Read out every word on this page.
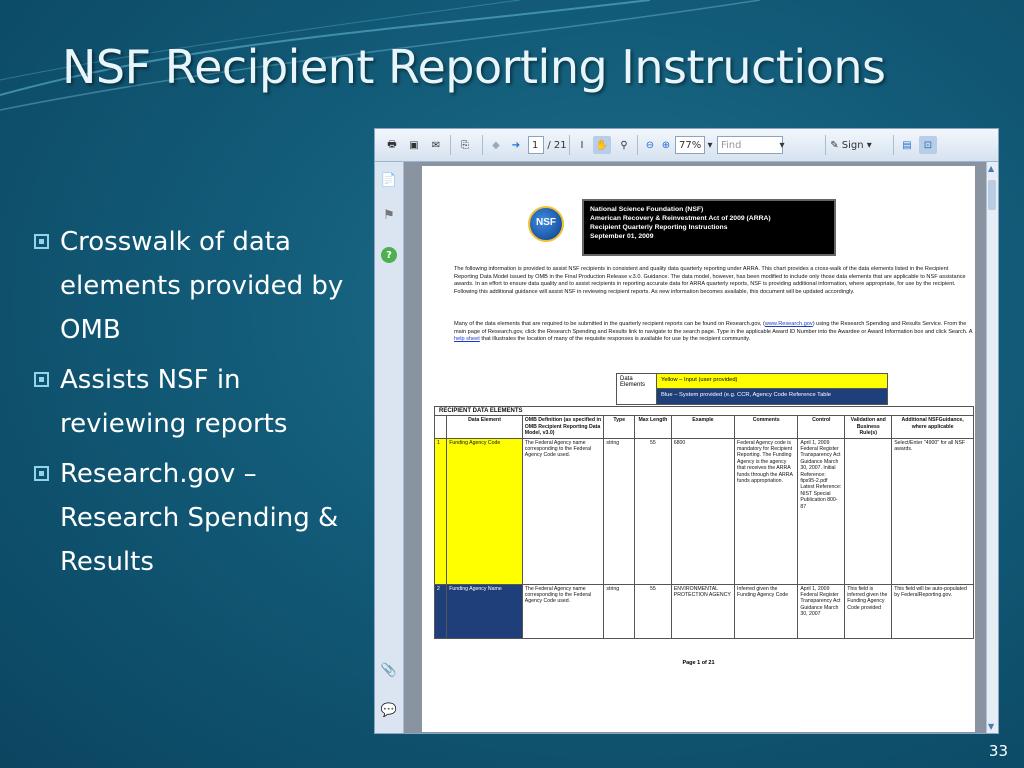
NSF Recipient Reporting Instructions
Crosswalk of data elements provided by OMB
Assists NSF in reviewing reports
Research.gov – Research Spending & Results
🖶	▣	✉	⎘	◆	➔	1 / 21	I	✋	⚲	⊖ ⊕ 77% ▾ Find	▾	✎
Sign ▾	▤	⊡
📄
⚑
?
📎
💬
NSF
National Science Foundation (NSF)
American Recovery & Reinvestment Act of 2009 (ARRA)
Recipient Quarterly Reporting Instructions
September 01, 2009
The following information is provided to assist NSF recipients in consistent and quality data quarterly reporting under ARRA. This chart provides a cross-walk of the data elements listed in the Recipient Reporting Data Model issued by OMB in the Final Production Release v.3.0. Guidance. The data model, however, has been modified to include only those data elements that are applicable to NSF assistance awards. In an effort to ensure data quality and to assist recipients in reporting accurate data for ARRA quarterly reports, NSF is providing additional information, where appropriate, for use by the recipient. Following this additional guidance will assist NSF in reviewing recipient reports. As new information becomes available, this document will be updated accordingly.
Many of the data elements that are required to be submitted in the quarterly recipient reports can be found on Research.gov, (www.Research.gov) using the Research Spending and Results Service. From the main page of Research.gov, click the Research Spending and Results link to navigate to the search page. Type in the applicable Award ID Number into the Awardee or Award Information box and click Search. A help sheet that illustrates the location of many of the requisite responses is available for use by the recipient community.
Data Elements
Yellow – Input (user provided)
Blue – System provided (e.g. CCR, Agency Code Reference Table
RECIPIENT DATA ELEMENTS									
	Data Element	OMB Definition (as specified in OMB Recipient Reporting Data Model, v3.0)	Type	Max Length	Example	Comments	Control	Validation and Business Rule(s)	Additional NSFGuidance, where applicable
1	Funding Agency Code	The Federal Agency name corresponding to the Federal Agency Code used.	string	55	6800	Federal Agency code is mandatory for Recipient Reporting. The Funding Agency is the agency that receives the ARRA funds through the ARRA funds appropriation.	April 1, 2009 Federal Register Transparency Act Guidance March 30, 2007. Initial Reference: fips95-2.pdf Latest Reference: NIST Special Publication 800-87		Select/Enter "4900" for all NSF awards.
2	Funding Agency Name	The Federal Agency name corresponding to the Federal Agency Code used.	string	55	ENVIRONMENTAL PROTECTION AGENCY	Inferred given the Funding Agency Code	April 1, 2009 Federal Register Transparency Act Guidance March 30, 2007	This field is inferred given the Funding Agency Code provided	This field will be auto-populated by FederalReporting.gov.
Page 1 of 21
▲
▼
33
